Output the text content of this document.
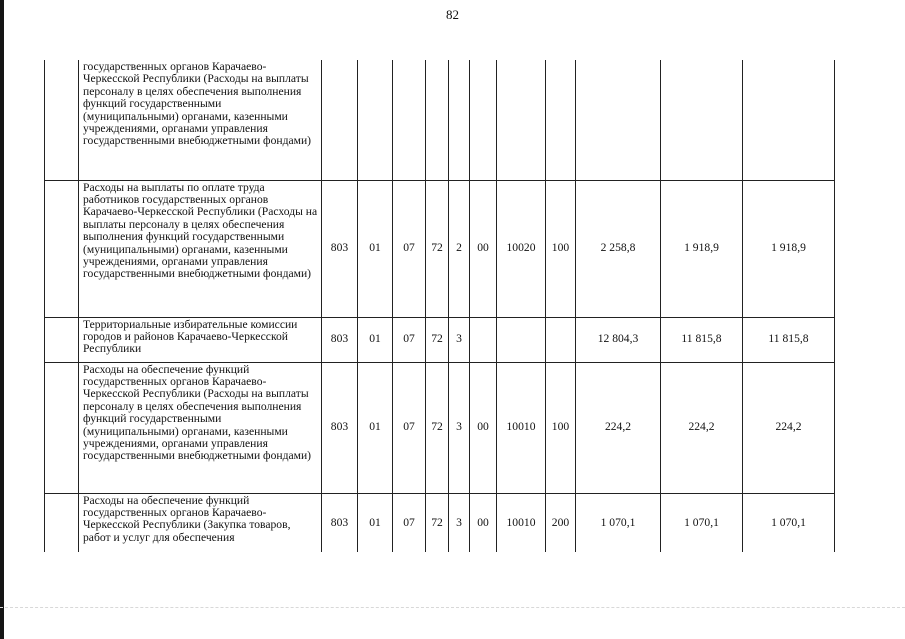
82
	государственных органов Карачаево-Черкесской Республики (Расходы на выплаты персоналу в целях обеспечения выполнения функций государственными (муниципальными) органами, казенными учреждениями, органами управления государственными внебюджетными фондами)											
	Расходы на выплаты по оплате труда работников государственных органов Карачаево-Черкесской Республики (Расходы на выплаты персоналу в целях обеспечения выполнения функций государственными (муниципальными) органами, казенными учреждениями, органами управления государственными внебюджетными фондами)	803	01	07	72	2	00	10020	100	2 258,8	1 918,9	1 918,9
	Территориальные избирательные комиссии городов и районов Карачаево-Черкесской Республики	803	01	07	72	3				12 804,3	11 815,8	11 815,8
	Расходы на обеспечение функций государственных органов Карачаево-Черкесской Республики (Расходы на выплаты персоналу в целях обеспечения выполнения функций государственными (муниципальными) органами, казенными учреждениями, органами управления государственными внебюджетными фондами)	803	01	07	72	3	00	10010	100	224,2	224,2	224,2
	Расходы на обеспечение функций государственных органов Карачаево-Черкесской Республики (Закупка товаров, работ и услуг для обеспечения	803	01	07	72	3	00	10010	200	1 070,1	1 070,1	1 070,1
